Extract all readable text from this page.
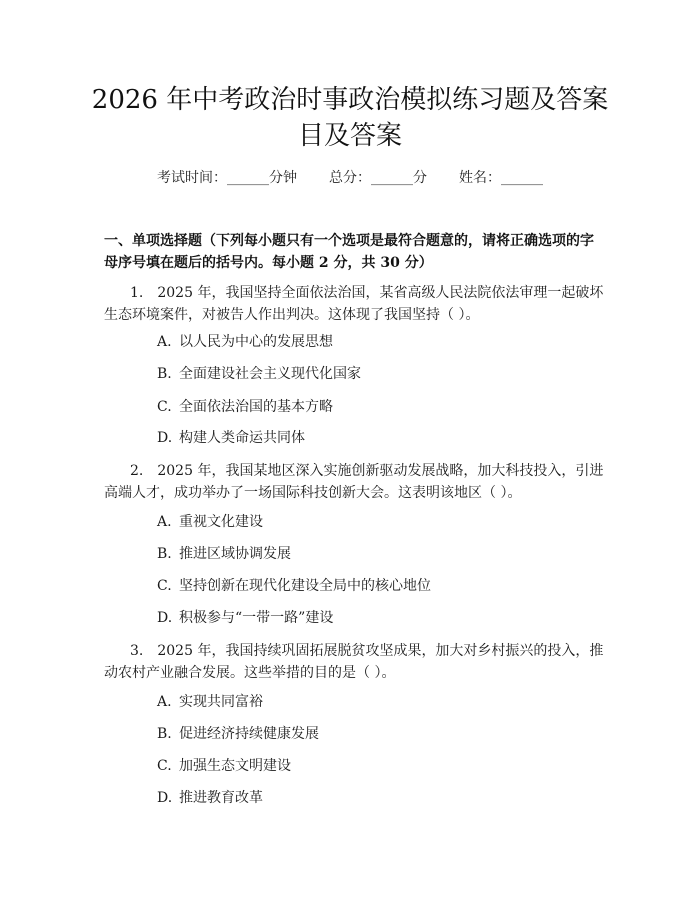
2026 年中考政治时事政治模拟练习题及答案
目及答案
考试时间：______分钟 总分：______分 姓名：______
一、单项选择题（下列每小题只有一个选项是最符合题意的，请将正确选项的字
母序号填在题后的括号内。每小题 2 分，共 30 分）
1. 2025 年，我国坚持全面依法治国，某省高级人民法院依法审理一起破坏
生态环境案件，对被告人作出判决。这体现了我国坚持（ ）。
A. 以人民为中心的发展思想
B. 全面建设社会主义现代化国家
C. 全面依法治国的基本方略
D. 构建人类命运共同体
2. 2025 年，我国某地区深入实施创新驱动发展战略，加大科技投入，引进
高端人才，成功举办了一场国际科技创新大会。这表明该地区（ ）。
A. 重视文化建设
B. 推进区域协调发展
C. 坚持创新在现代化建设全局中的核心地位
D. 积极参与“一带一路”建设
3. 2025 年，我国持续巩固拓展脱贫攻坚成果，加大对乡村振兴的投入，推
动农村产业融合发展。这些举措的目的是（ ）。
A. 实现共同富裕
B. 促进经济持续健康发展
C. 加强生态文明建设
D. 推进教育改革
